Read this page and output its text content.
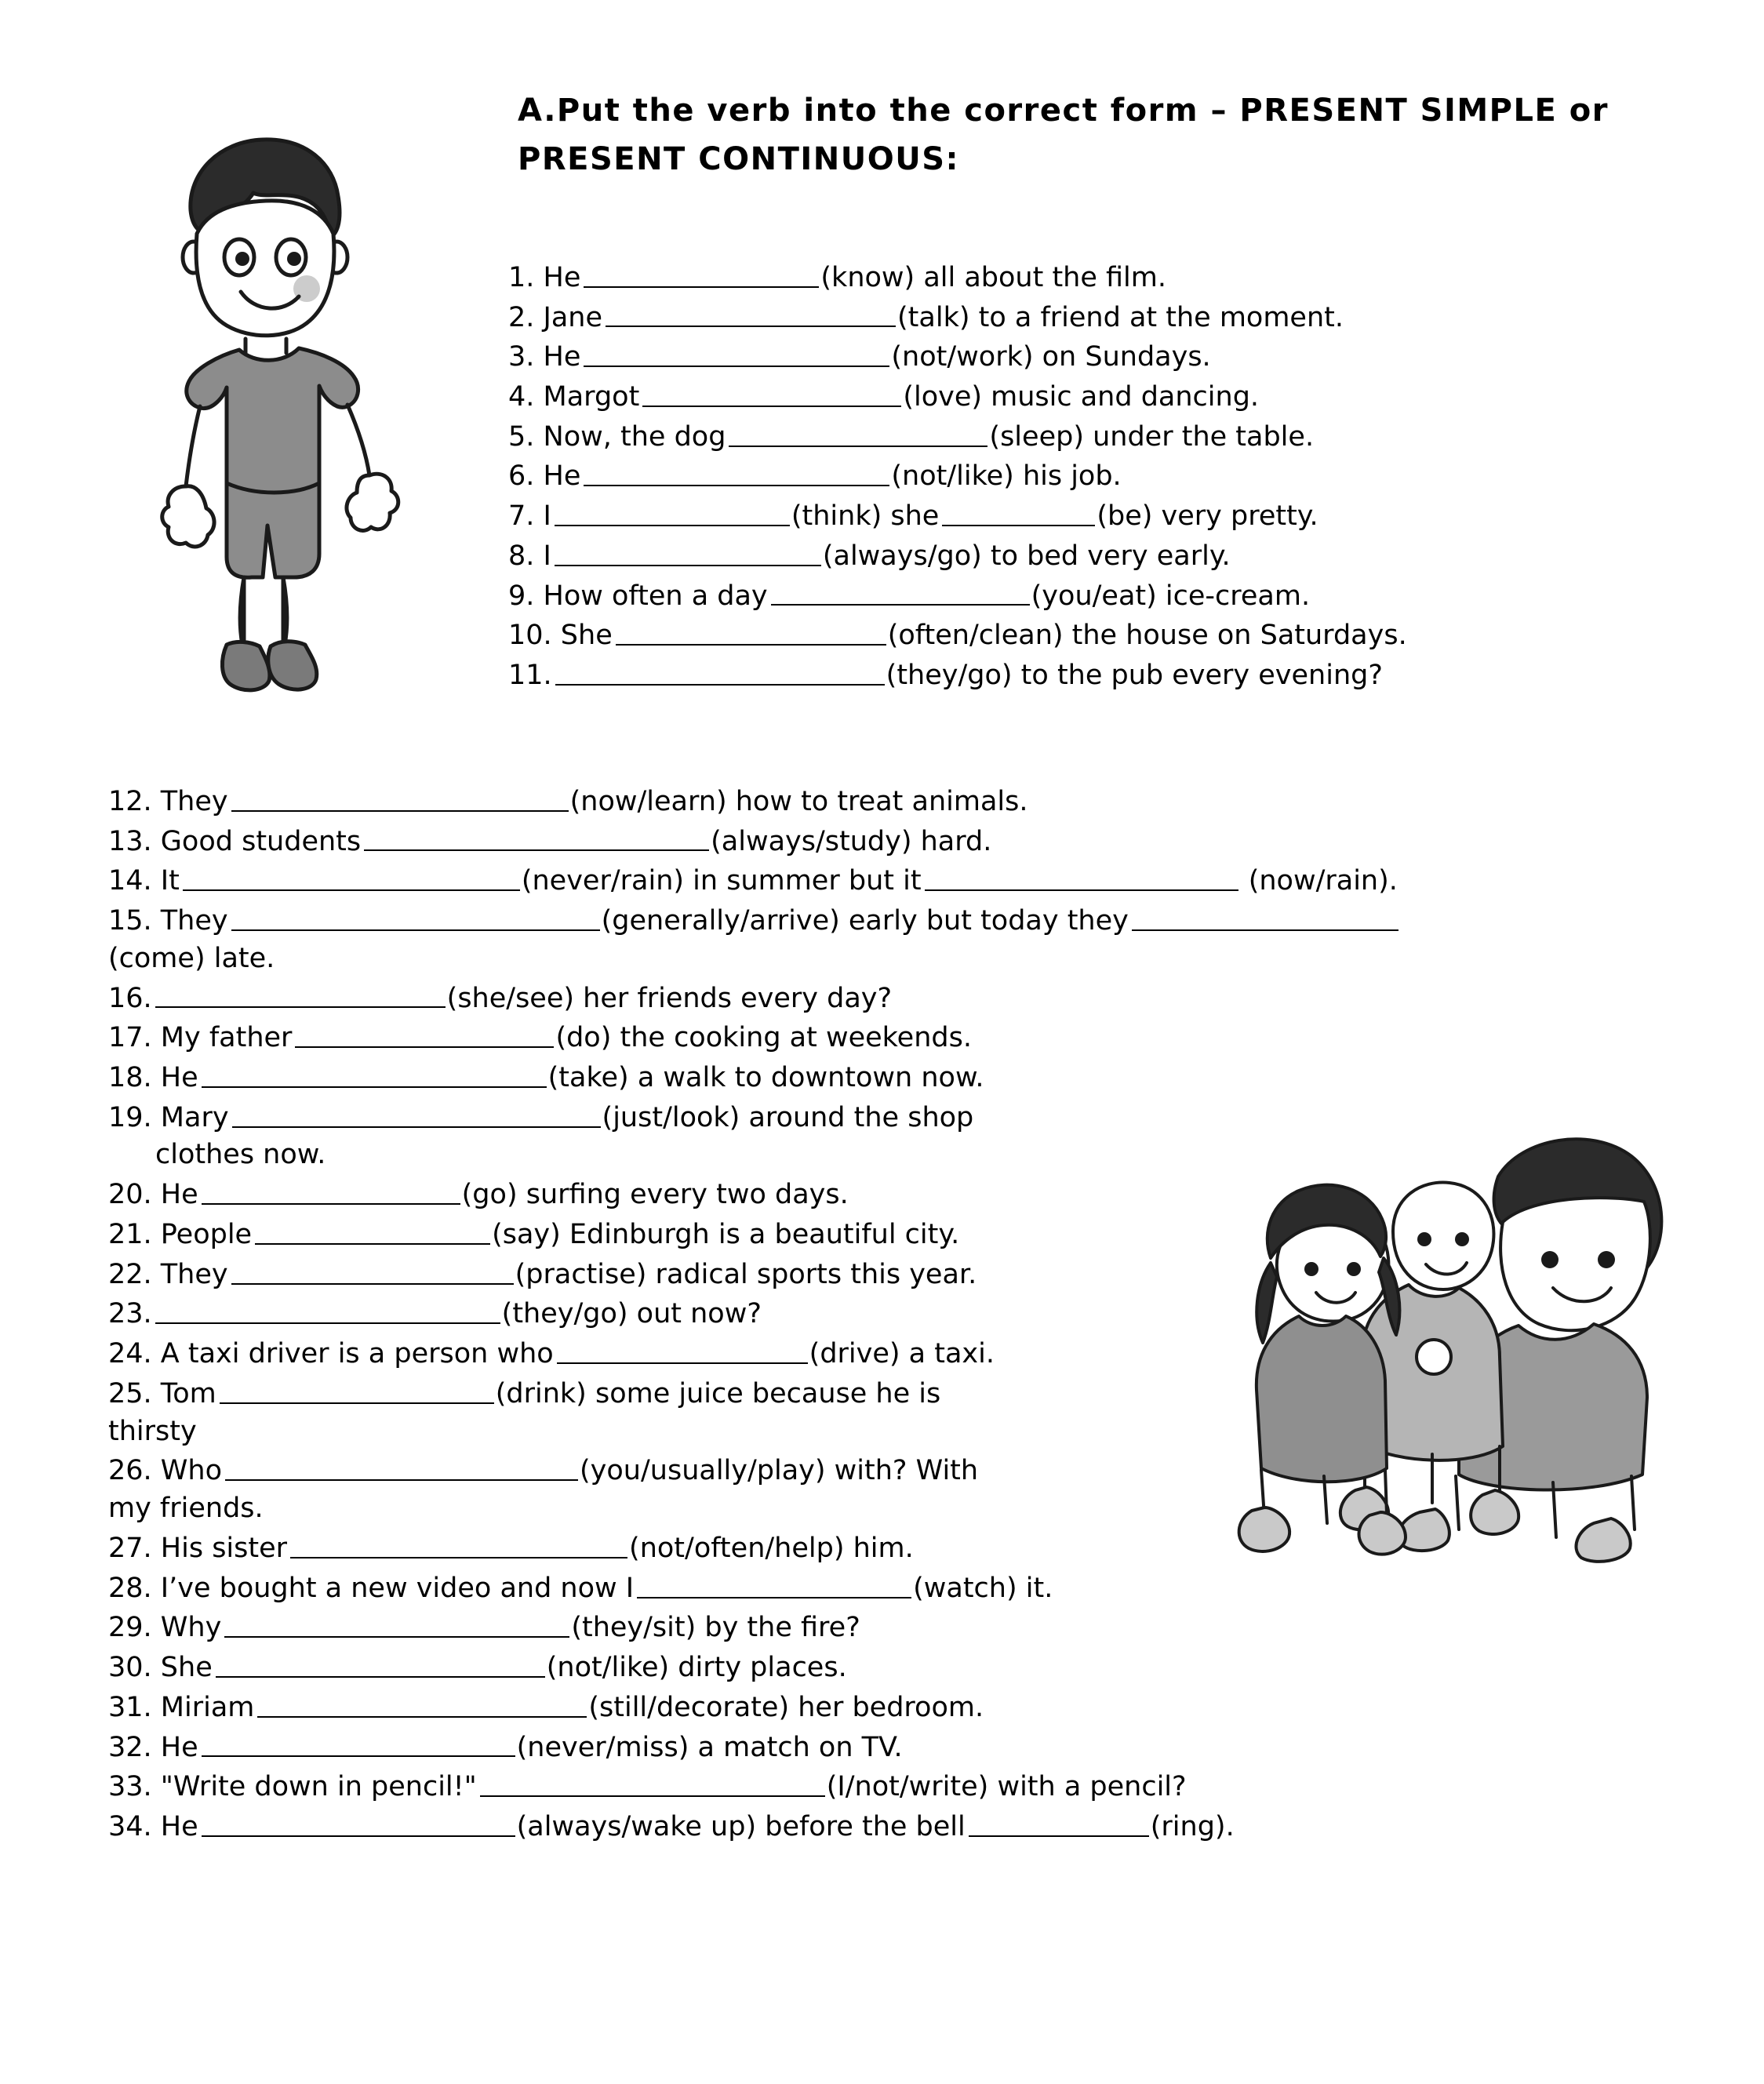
A.Put the verb into the correct form – PRESENT SIMPLE or
PRESENT CONTINUOUS:
1. He	(know) all about the film.
2. Jane	(talk) to a friend at the moment.
3. He	(not/work) on Sundays.
4. Margot	(love) music and dancing.
5. Now, the dog	(sleep) under the table.
6. He	(not/like) his job.
7. I	(think) she	(be) very pretty.
8. I	(always/go) to bed very early.
9. How often a day	(you/eat) ice-cream.
10. She	(often/clean) the house on Saturdays.
11.	(they/go) to the pub every evening?
12. They	(now/learn) how to treat animals.
13. Good students	(always/study) hard.
14. It	(never/rain) in summer but it	(now/rain).
15. They	(generally/arrive) early but today they
(come) late.
16.	(she/see) her friends every day?
17. My father	(do) the cooking at weekends.
18. He	(take) a walk to downtown now.
19. Mary	(just/look) around the shop
clothes now.
20. He	(go) surfing every two days.
21. People	(say) Edinburgh is a beautiful city.
22. They	(practise) radical sports this year.
23.	(they/go) out now?
24. A taxi driver is a person who	(drive) a taxi.
25. Tom	(drink) some juice because he is
thirsty
26. Who	(you/usually/play) with? With
my friends.
27. His sister	(not/often/help) him.
28. I’ve bought a new video and now I	(watch) it.
29. Why	(they/sit) by the fire?
30. She	(not/like) dirty places.
31. Miriam	(still/decorate) her bedroom.
32. He	(never/miss) a match on TV.
33. "Write down in pencil!"	(I/not/write) with a pencil?
34. He	(always/wake up) before the bell	(ring).
